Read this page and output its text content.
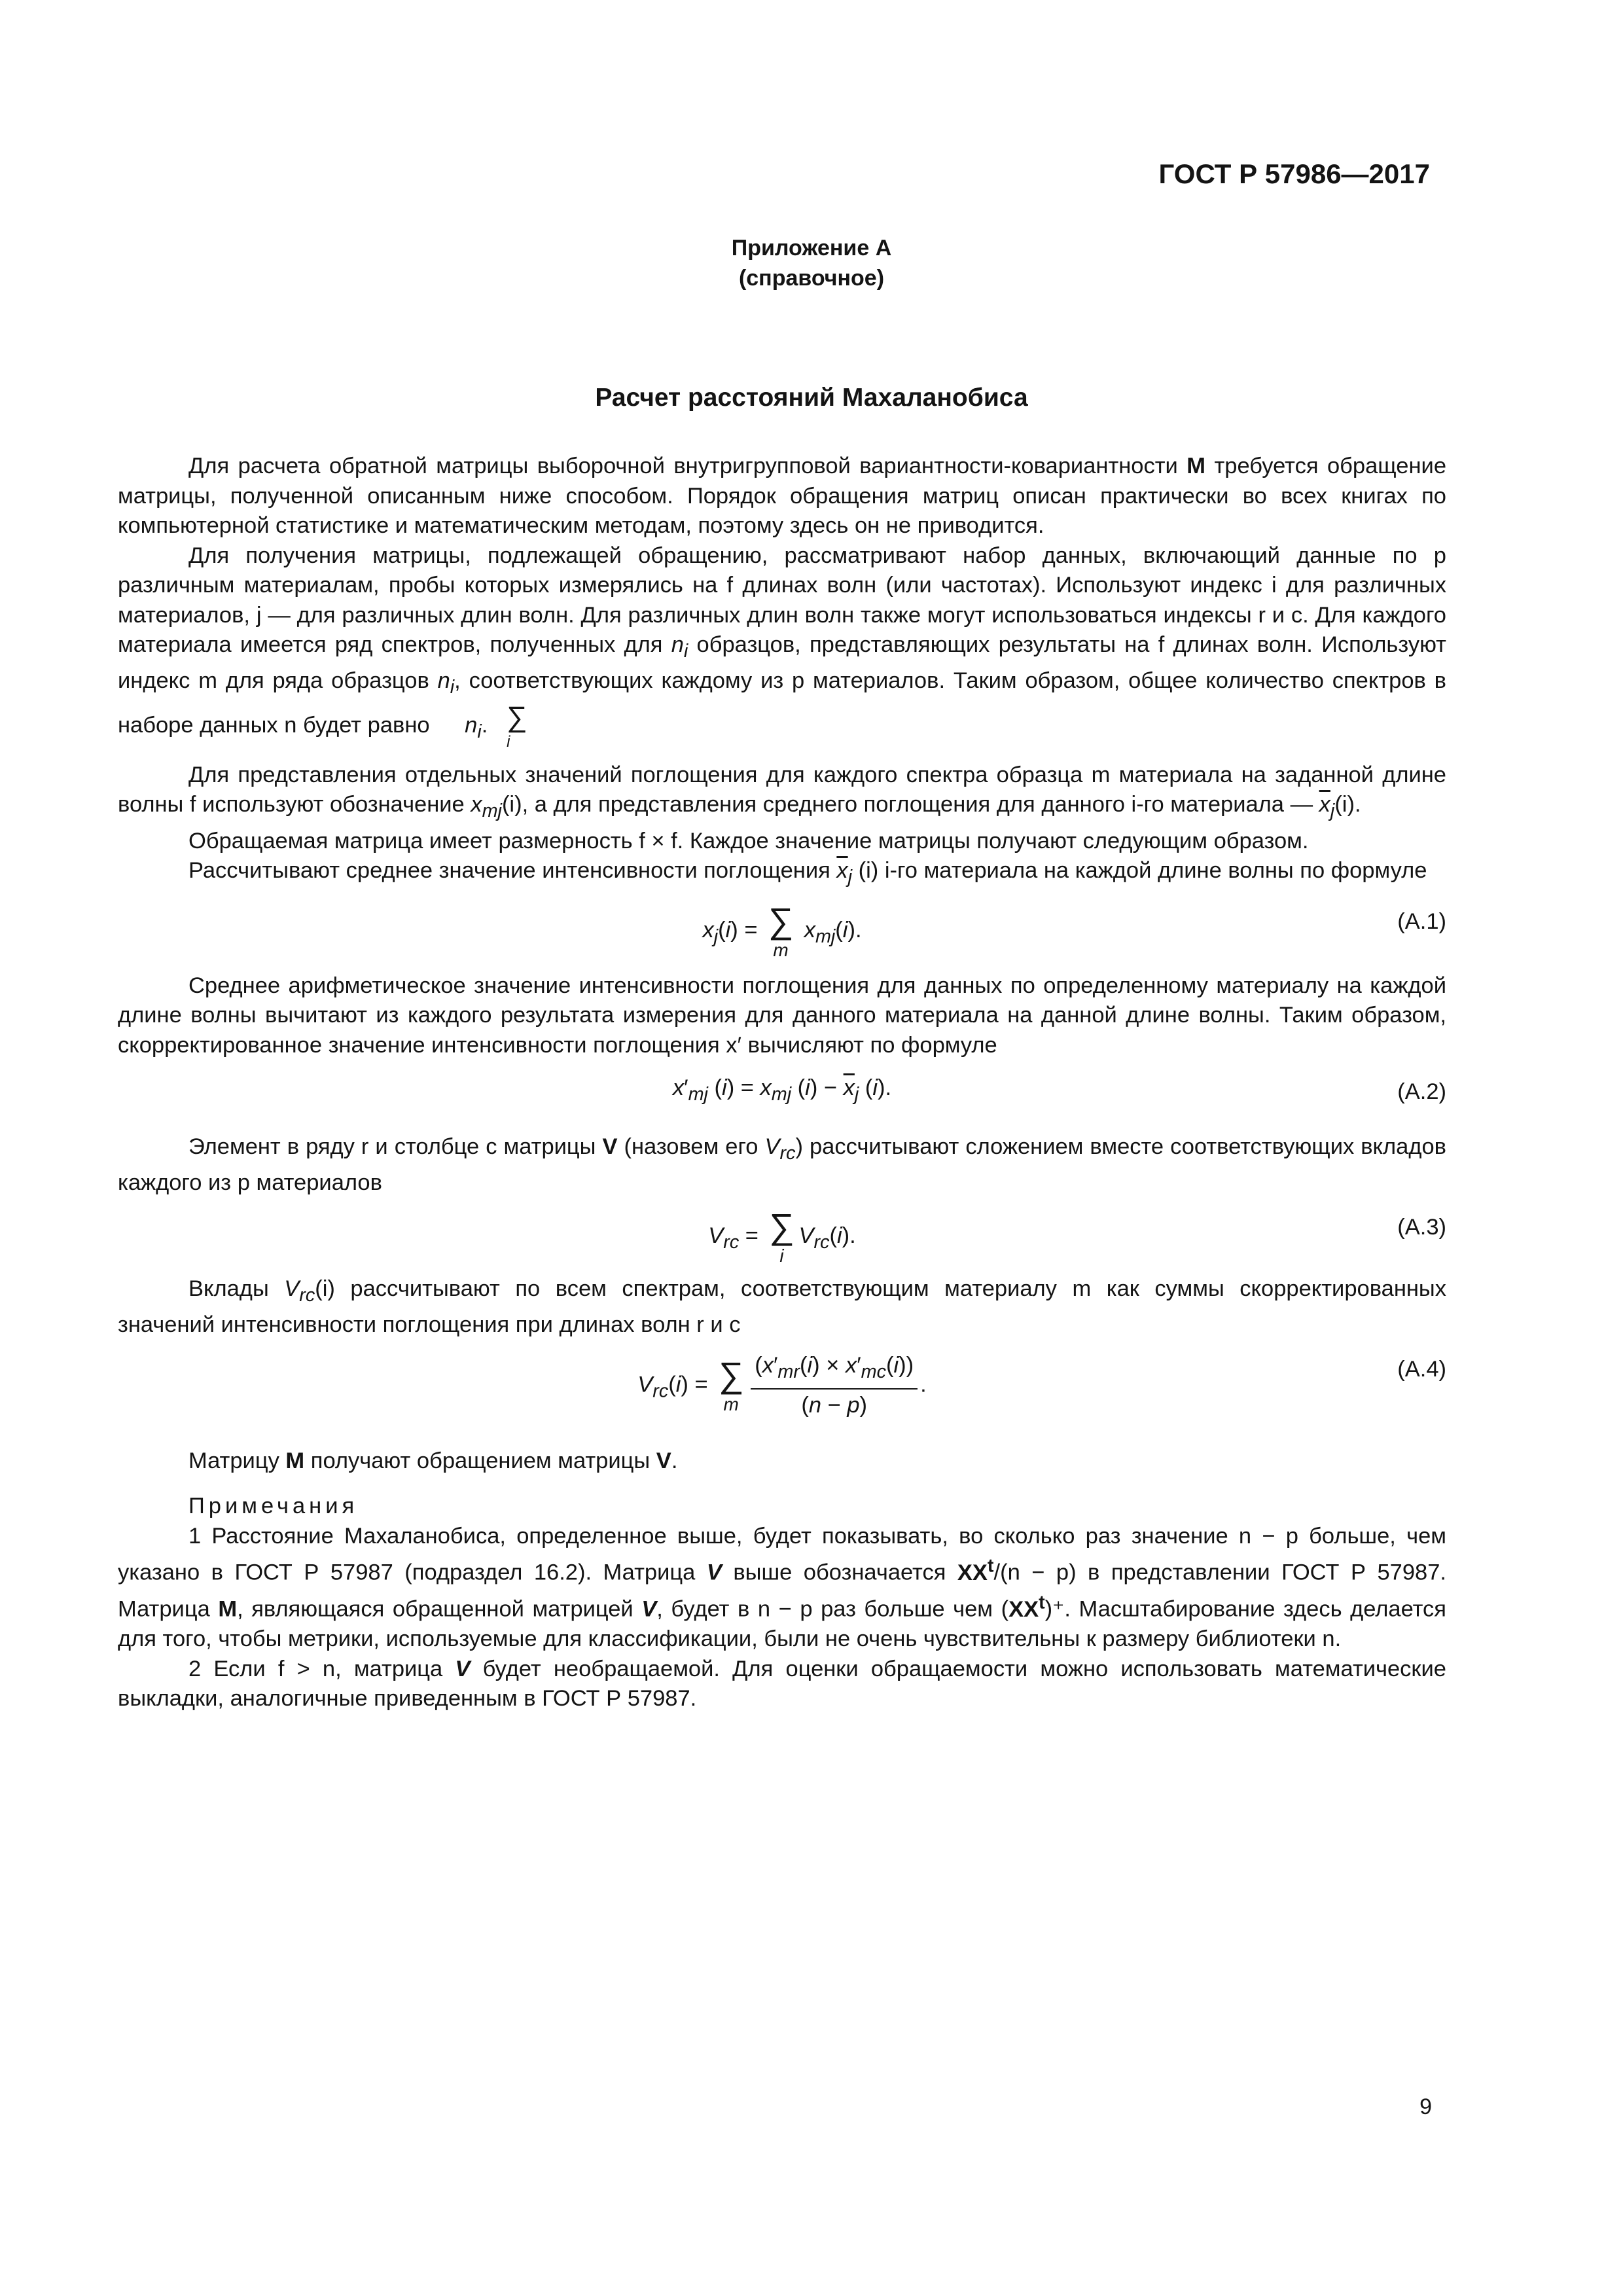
ГОСТ Р 57986—2017
Приложение А
(справочное)
Расчет расстояний Махаланобиса

Для расчета обратной матрицы выборочной внутригрупповой вариантности-ковариантности M требуется обращение матрицы, полученной описанным ниже способом. Порядок обращения матриц описан практически во всех книгах по компьютерной статистике и математическим методам, поэтому здесь он не приводится.

Для получения матрицы, подлежащей обращению, рассматривают набор данных, включающий данные по p различным материалам, пробы которых измерялись на f длинах волн (или частотах). Используют индекс i для различных материалов, j — для различных длин волн. Для различных длин волн также могут использоваться индексы r и c. Для каждого материала имеется ряд спектров, полученных для $n_i$ образцов, представляющих результаты на f длинах волн. Используют индекс m для ряда образцов $n_i$, соответствующих каждому из p материалов. Таким образом, общее количество спектров в наборе данных n будет равно	∑
i
$n_i$.

Для представления отдельных значений поглощения для каждого спектра образца m материала на заданной длине волны f используют обозначение $x_{mj}(i)$, а для представления среднего поглощения для данного i-го материала — $\overline{x}_j(i)$.

Обращаемая матрица имеет размерность f × f. Каждое значение матрицы получают следующим образом.

Рассчитывают среднее значение интенсивности поглощения $\overline{x}_j$ (i) i-го материала на каждой длине волны по формуле

$x_j(i)$ = ∑
m
$x_{mj}(i)$.	(А.1)

Среднее арифметическое значение интенсивности поглощения для данных по определенному материалу на каждой длине волны вычитают из каждого результата измерения для данного материала на данной длине волны. Таким образом, скорректированное значение интенсивности поглощения x′ вычисляют по формуле

$x'_{mj}$ $(i) = x_{mj}$ $(i) - \overline{x}_j$ (i).	(А.2)

Элемент в ряду r и столбце c матрицы V (назовем его $V_{rc}$) рассчитывают сложением вместе соответствующих вкладов каждого из p материалов

$V_{rc}$ = ∑
i
$V_{rc}(i)$.	(А.3)

Вклады $V_{rc}(i)$ рассчитывают по всем спектрам, соответствующим материалу m как суммы скорректированных значений интенсивности поглощения при длинах волн r и c

$V_{rc}(i)$ = ∑
m $\frac{(x'_{mr}(i) \times x'_{mc}(i))}{(n - p)}$ .
(А.4)

Матрицу M получают обращением матрицы V.

Примечания

1 Расстояние Махаланобиса, определенное выше, будет показывать, во сколько раз значение n − p больше, чем указано в ГОСТ Р 57987 (подраздел 16.2). Матрица V выше обозначается $XX^t/(n - p)$ в представлении ГОСТ Р 57987. Матрица M, являющаяся обращенной матрицей V, будет в n − p раз больше чем $(XX^t)^+$. Масштабирование здесь делается для того, чтобы метрики, используемые для классификации, были не очень чувствительны к размеру библиотеки n.

2 Если f > n, матрица V будет необращаемой. Для оценки обращаемости можно использовать математические выкладки, аналогичные приведенным в ГОСТ Р 57987.

9
